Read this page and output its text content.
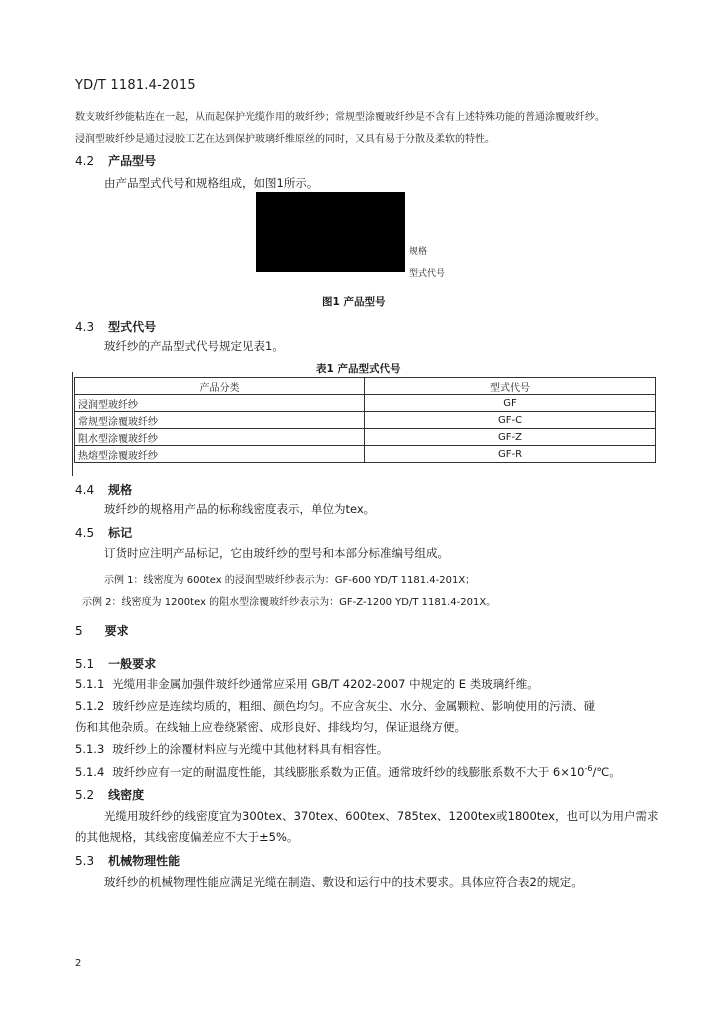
YD/T 1181.4-2015
数支玻纤纱能粘连在一起，从而起保护光缆作用的玻纤纱；常规型涂覆玻纤纱是不含有上述特殊功能的普通涂覆玻纤纱。
浸润型玻纤纱是通过浸胶工艺在达到保护玻璃纤维原丝的同时，又具有易于分散及柔软的特性。
4.2 产品型号
由产品型式代号和规格组成，如图1所示。
规格
型式代号
图1 产品型号
4.3 型式代号
玻纤纱的产品型式代号规定见表1。
表1 产品型式代号
产品分类	型式代号
浸润型玻纤纱	GF
常规型涂覆玻纤纱	GF-C
阻水型涂覆玻纤纱	GF-Z
热熔型涂覆玻纤纱	GF-R
4.4 规格
玻纤纱的规格用产品的标称线密度表示，单位为tex。
4.5 标记
订货时应注明产品标记，它由玻纤纱的型号和本部分标准编号组成。
示例 1：线密度为 600tex 的浸润型玻纤纱表示为：GF-600 YD/T 1181.4-201X；
示例 2：线密度为 1200tex 的阻水型涂覆玻纤纱表示为：GF-Z-1200 YD/T 1181.4-201X。
5 要求
5.1 一般要求
5.1.1 光缆用非金属加强件玻纤纱通常应采用 GB/T 4202-2007 中规定的 E 类玻璃纤维。
5.1.2 玻纤纱应是连续均质的，粗细、颜色均匀。不应含灰尘、水分、金属颗粒、影响使用的污渍、碰
伤和其他杂质。在线轴上应卷绕紧密、成形良好、排线均匀，保证退绕方便。
5.1.3 玻纤纱上的涂覆材料应与光缆中其他材料具有相容性。
5.1.4 玻纤纱应有一定的耐温度性能，其线膨胀系数为正值。通常玻纤纱的线膨胀系数不大于 $6\times 10^{-6}/℃$。
5.2 线密度
光缆用玻纤纱的线密度宜为300tex、370tex、600tex、785tex、1200tex或1800tex，也可以为用户需求
的其他规格，其线密度偏差应不大于±5%。
5.3 机械物理性能
玻纤纱的机械物理性能应满足光缆在制造、敷设和运行中的技术要求。具体应符合表2的规定。
2
